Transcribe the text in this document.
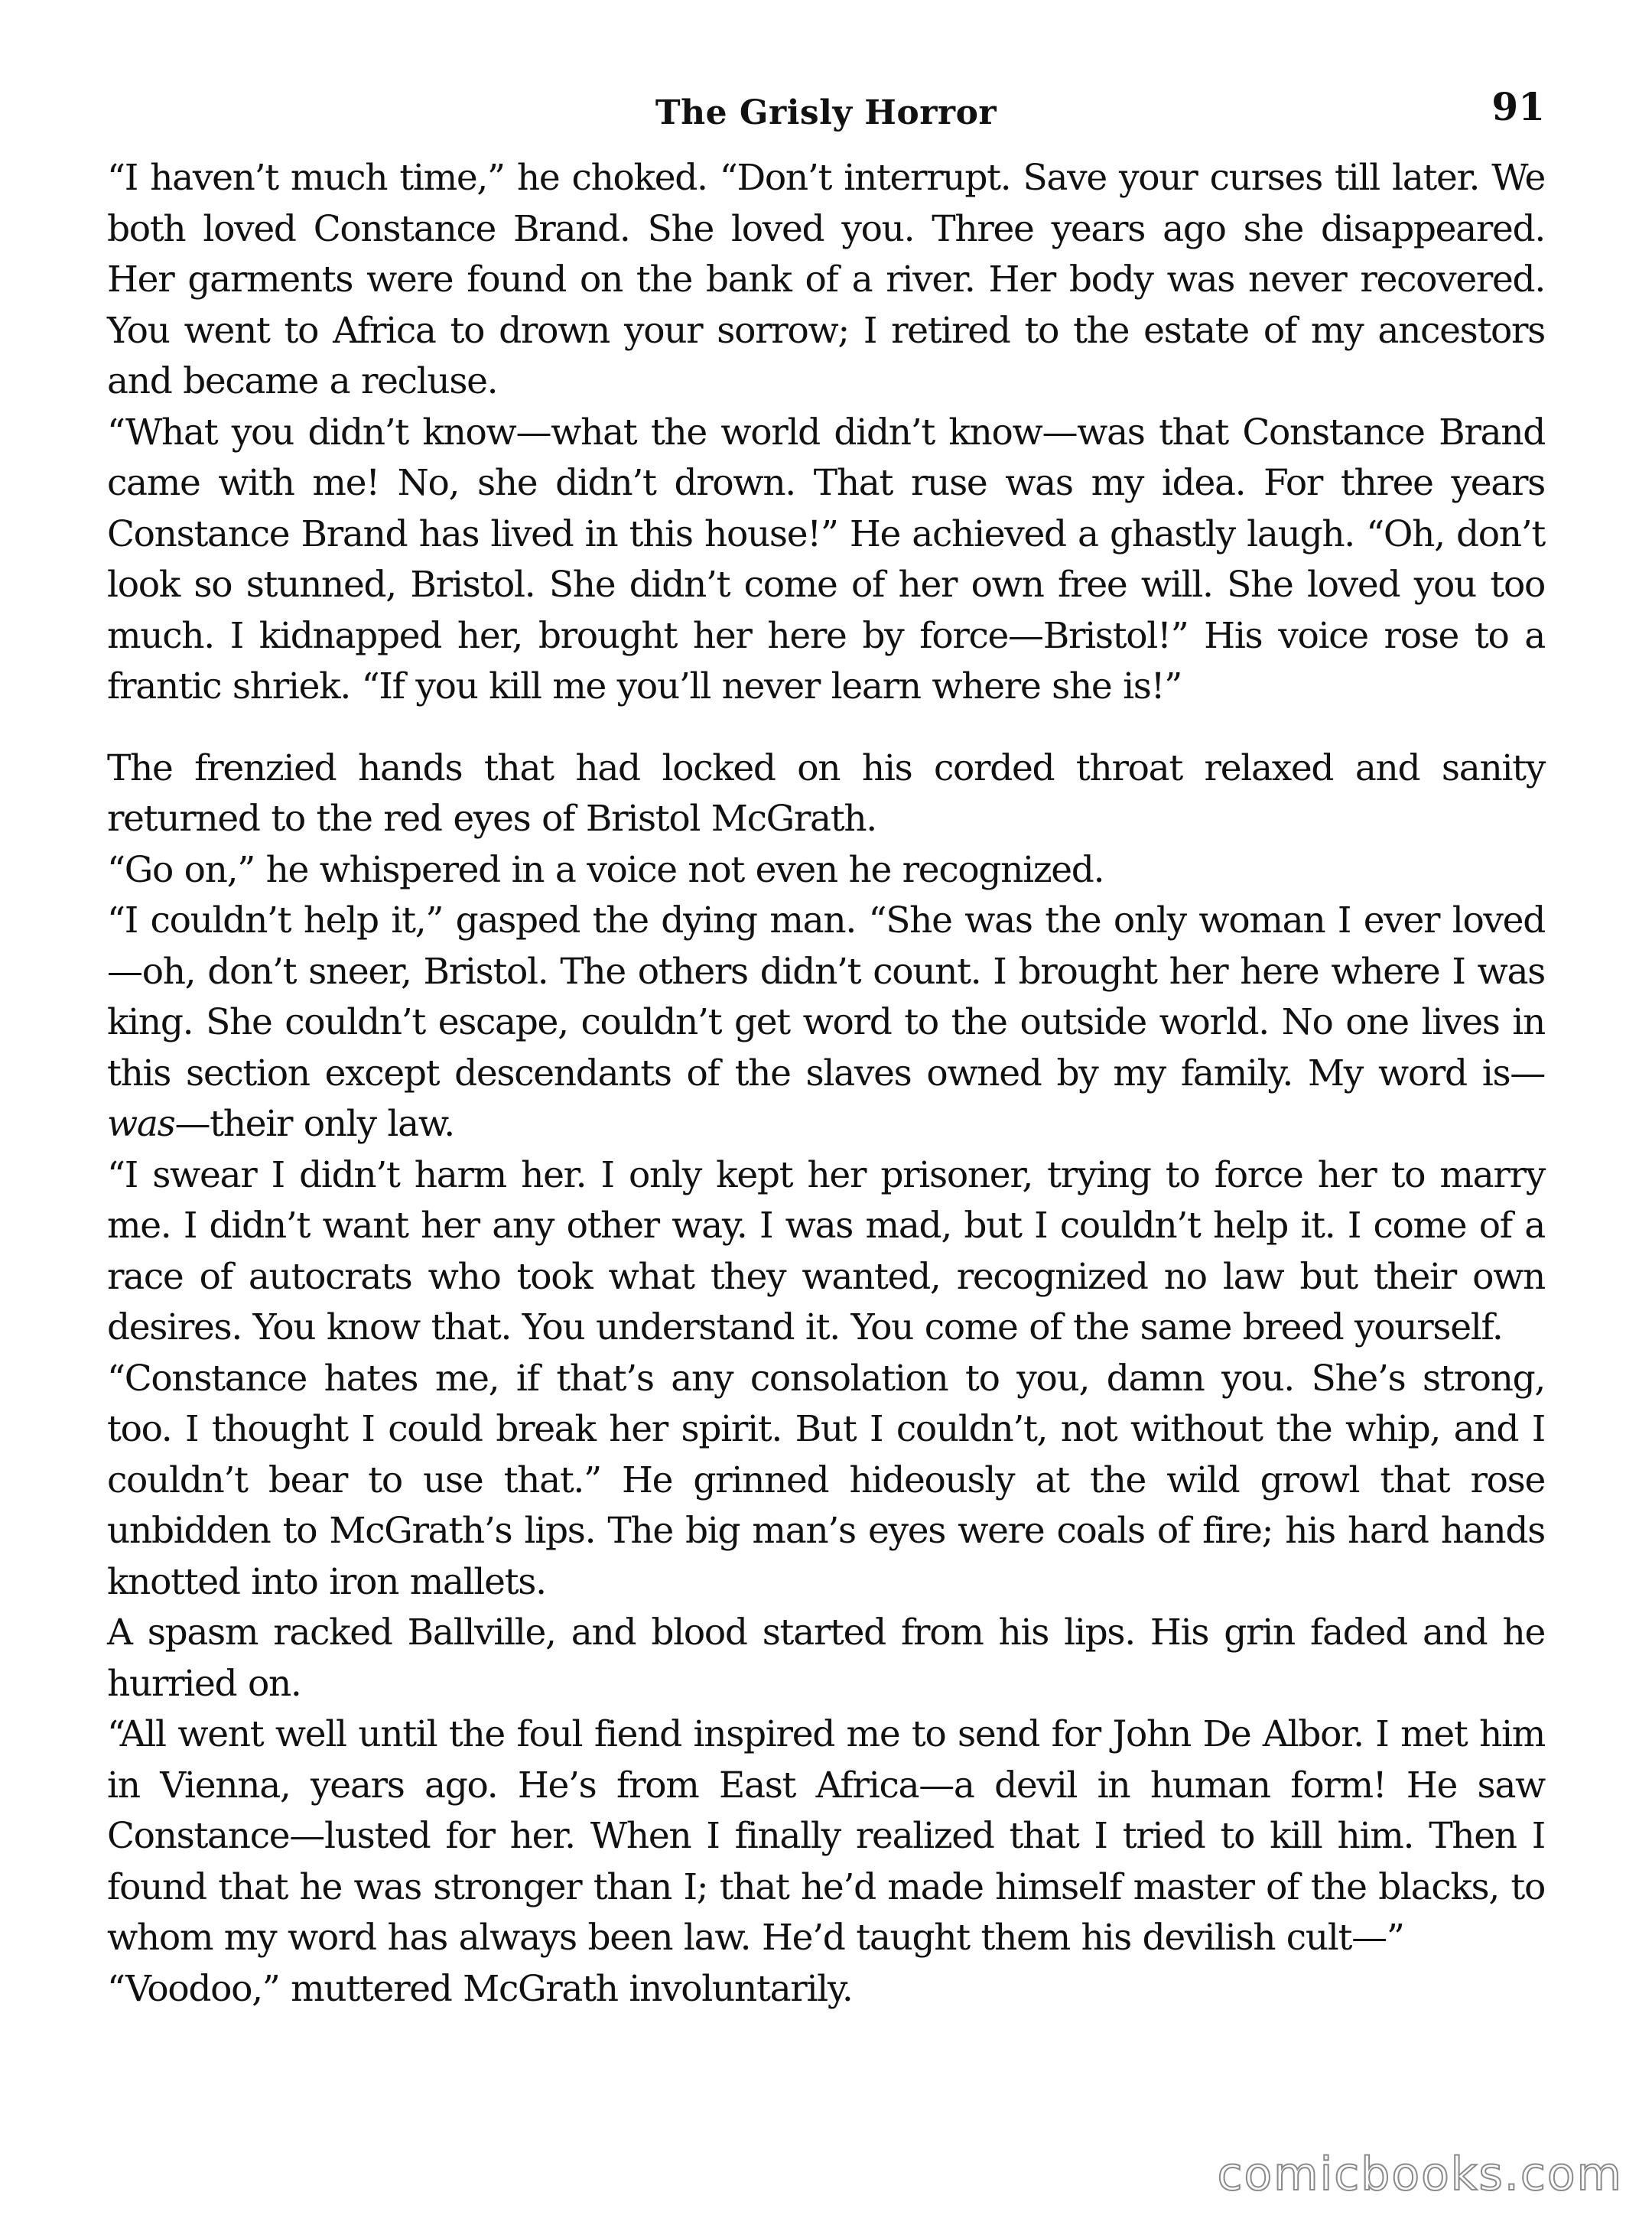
The Grisly Horror	91

“I haven’t much time,” he choked. “Don’t interrupt. Save your curses till later. We both loved Constance Brand. She loved you. Three years ago she disappeared. Her garments were found on the bank of a river. Her body was never recovered. You went to Africa to drown your sorrow; I retired to the estate of my ancestors and became a recluse.

“What you didn’t know—what the world didn’t know—was that Constance Brand came with me! No, she didn’t drown. That ruse was my idea. For three years Constance Brand has lived in this house!” He achieved a ghastly laugh. “Oh, don’t look so stunned, Bristol. She didn’t come of her own free will. She loved you too much. I kidnapped her, brought her here by force—Bristol!” His voice rose to a frantic shriek. “If you kill me you’ll never learn where she is!”

The frenzied hands that had locked on his corded throat relaxed and sanity returned to the red eyes of Bristol McGrath.

“Go on,” he whispered in a voice not even he recognized.

“I couldn’t help it,” gasped the dying man. “She was the only woman I ever loved—oh, don’t sneer, Bristol. The others didn’t count. I brought her here where I was king. She couldn’t escape, couldn’t get word to the outside world. No one lives in this section except descendants of the slaves owned by my family. My word is—was—their only law.

“I swear I didn’t harm her. I only kept her prisoner, trying to force her to marry me. I didn’t want her any other way. I was mad, but I couldn’t help it. I come of a race of autocrats who took what they wanted, recognized no law but their own desires. You know that. You understand it. You come of the same breed yourself.

“Constance hates me, if that’s any consolation to you, damn you. She’s strong, too. I thought I could break her spirit. But I couldn’t, not without the whip, and I couldn’t bear to use that.” He grinned hideously at the wild growl that rose unbidden to McGrath’s lips. The big man’s eyes were coals of fire; his hard hands knotted into iron mallets.

A spasm racked Ballville, and blood started from his lips. His grin faded and he hurried on.

“All went well until the foul fiend inspired me to send for John De Albor. I met him in Vienna, years ago. He’s from East Africa—a devil in human form! He saw Constance—lusted for her. When I finally realized that I tried to kill him. Then I found that he was stronger than I; that he’d made himself master of the blacks, to whom my word has always been law. He’d taught them his devilish cult—”

“Voodoo,” muttered McGrath involuntarily.

comicbooks.com
